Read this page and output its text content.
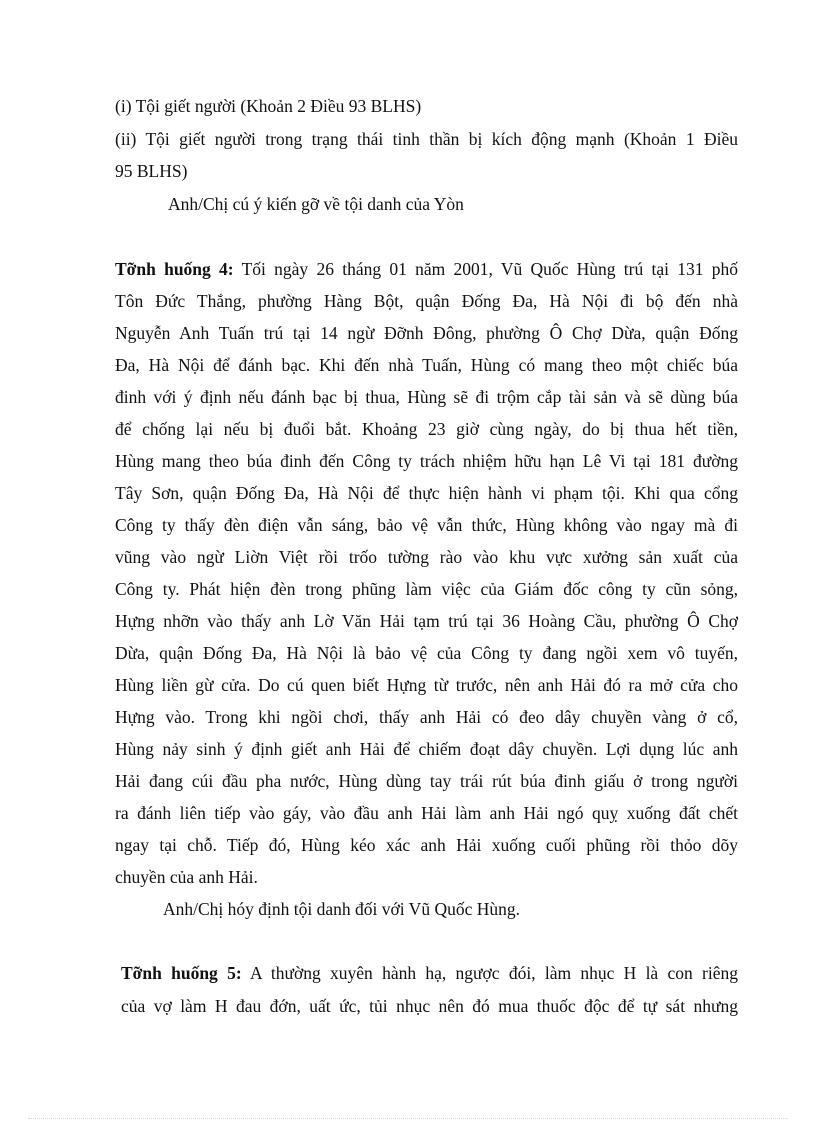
(i) Tội giết người (Khoản 2 Điều 93 BLHS)
(ii) Tội giết người trong trạng thái tinh thần bị kích động mạnh (Khoản 1 Điều
95 BLHS)
Anh/Chị cú ý kiến gỡ về tội danh của Yòn
Tỡnh huống 4: Tối ngày 26 tháng 01 năm 2001, Vũ Quốc Hùng trú tại 131 phố
Tôn Đức Thắng, phường Hàng Bột, quận Đống Đa, Hà Nội đi bộ đến nhà
Nguyễn Anh Tuấn trú tại 14 ngừ Đỡnh Đông, phường Ô Chợ Dừa, quận Đống
Đa, Hà Nội để đánh bạc. Khi đến nhà Tuấn, Hùng có mang theo một chiếc búa
đinh với ý định nếu đánh bạc bị thua, Hùng sẽ đi trộm cắp tài sản và sẽ dùng búa
để chống lại nếu bị đuổi bắt. Khoảng 23 giờ cùng ngày, do bị thua hết tiền,
Hùng mang theo búa đinh đến Công ty trách nhiệm hữu hạn Lê Vi tại 181 đường
Tây Sơn, quận Đống Đa, Hà Nội để thực hiện hành vi phạm tội. Khi qua cổng
Công ty thấy đèn điện vẫn sáng, bảo vệ vẫn thức, Hùng không vào ngay mà đi
vũng vào ngừ Liờn Việt rồi trốo tường rào vào khu vực xưởng sản xuất của
Công ty. Phát hiện đèn trong phũng làm việc của Giám đốc công ty cũn sỏng,
Hựng nhỡn vào thấy anh Lờ Văn Hải tạm trú tại 36 Hoàng Cầu, phường Ô Chợ
Dừa, quận Đống Đa, Hà Nội là bảo vệ của Công ty đang ngồi xem vô tuyến,
Hùng liền gừ cửa. Do cú quen biết Hựng từ trước, nên anh Hải đó ra mở cửa cho
Hựng vào. Trong khi ngồi chơi, thấy anh Hải có đeo dây chuyền vàng ở cổ,
Hùng nảy sinh ý định giết anh Hải để chiếm đoạt dây chuyền. Lợi dụng lúc anh
Hải đang cúi đầu pha nước, Hùng dùng tay trái rút búa đinh giấu ở trong người
ra đánh liên tiếp vào gáy, vào đầu anh Hải làm anh Hải ngó quỵ xuống đất chết
ngay tại chỗ. Tiếp đó, Hùng kéo xác anh Hải xuống cuối phũng rồi thỏo dõy
chuyền của anh Hải.
Anh/Chị hóy định tội danh đối với Vũ Quốc Hùng.
Tỡnh huống 5: A thường xuyên hành hạ, ngược đói, làm nhục H là con riêng
của vợ làm H đau đớn, uất ức, tủi nhục nên đó mua thuốc độc để tự sát nhưng
